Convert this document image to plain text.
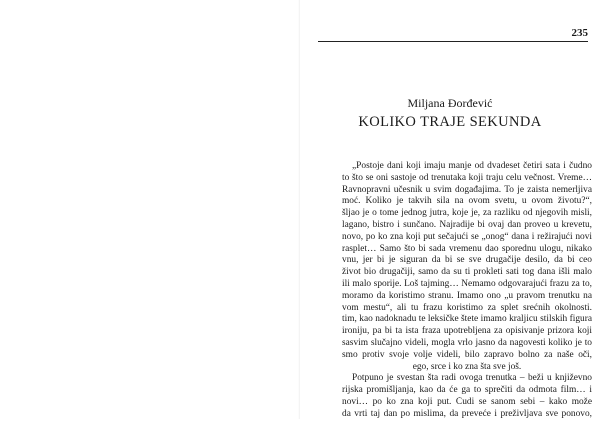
235
Miljana Đorđević
KOLIKO TRAJE SEKUNDA
„Postoje dani koji imaju manje od dvadeset četiri sata i čudno
to što se oni sastoje od trenutaka koji traju celu večnost. Vreme…
Ravnopravni učesnik u svim događajima. To je zaista nemerljiva
moć. Koliko je takvih sila na ovom svetu, u ovom životu?“,
šljao je o tome jednog jutra, koje je, za razliku od njegovih misli,
lagano, bistro i sunčano. Najradije bi ovaj dan proveo u krevetu,
novo, po ko zna koji put sečajući se „onog“ dana i režirajući novi
rasplet… Samo što bi sada vremenu dao sporednu ulogu, nikako
vnu, jer bi je siguran da bi se sve drugačije desilo, da bi ceo
život bio drugačiji, samo da su ti prokleti sati tog dana išli malo
ili malo sporije. Loš tajming… Nemamo odgovarajući frazu za to,
moramo da koristimo stranu. Imamo ono „u pravom trenutku na
vom mestu“, ali tu frazu koristimo za splet srećnih okolnosti.
tim, kao nadoknadu te leksičke štete imamo kraljicu stilskih figura
ironiju, pa bi ta ista fraza upotrebljena za opisivanje prizora koji
sasvim slučajno videli, mogla vrlo jasno da nagovesti koliko je to
smo protiv svoje volje videli, bilo zapravo bolno za naše oči,
ego, srce i ko zna šta sve još.
Potpuno je svestan šta radi ovoga trenutka – beži u književno
rijska promišljanja, kao da će ga to sprečiti da odmota film… i
novi… po ko zna koji put. Čudi se sanom sebi – kako može
da vrti taj dan po mislima, da preveće i preživljava sve ponovo,
